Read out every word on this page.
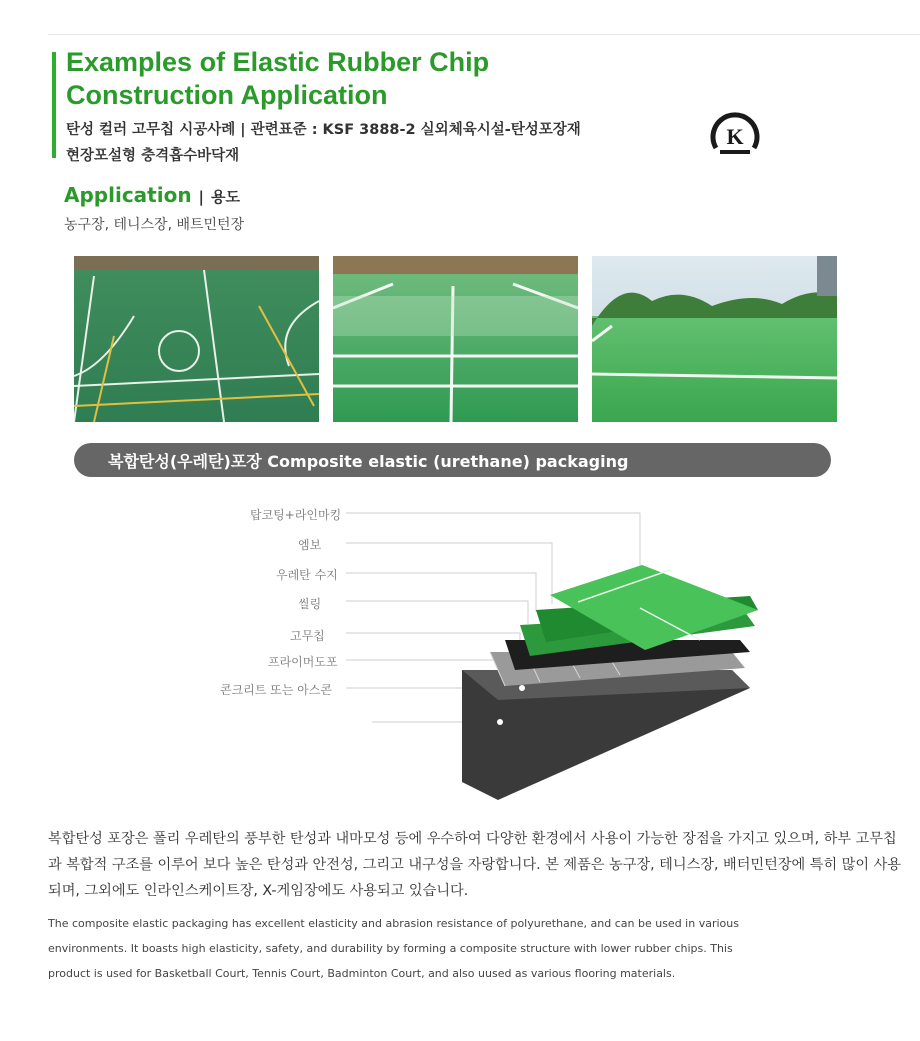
Examples of Elastic Rubber Chip
Construction Application
탄성 컬러 고무칩 시공사례 | 관련표준 : KSF 3888-2 실외체육시설-탄성포장재
현장포설형 충격흡수바닥재
K
Application | 용도
농구장, 테니스장, 배트민턴장
복합탄성(우레탄)포장 Composite elastic (urethane) packaging
탑코팅+라인마킹
엠보
우레탄 수지
씰링
고무칩
프라이머도포
콘크리트 또는 아스콘

복합탄성 포장은 폴리 우레탄의 풍부한 탄성과 내마모성 등에 우수하여 다양한 환경에서 사용이 가능한 장점을 가지고 있으며, 하부 고무칩과 복합적 구조를 이루어 보다 높은 탄성과 안전성, 그리고 내구성을 자랑합니다. 본 제품은 농구장, 테니스장, 배터민턴장에 특히 많이 사용되며, 그외에도 인라인스케이트장, X-게임장에도 사용되고 있습니다.

The composite elastic packaging has excellent elasticity and abrasion resistance of polyurethane, and can be used in various
environments. It boasts high elasticity, safety, and durability by forming a composite structure with lower rubber chips. This
product is used for Basketball Court, Tennis Court, Badminton Court, and also uused as various flooring materials.
